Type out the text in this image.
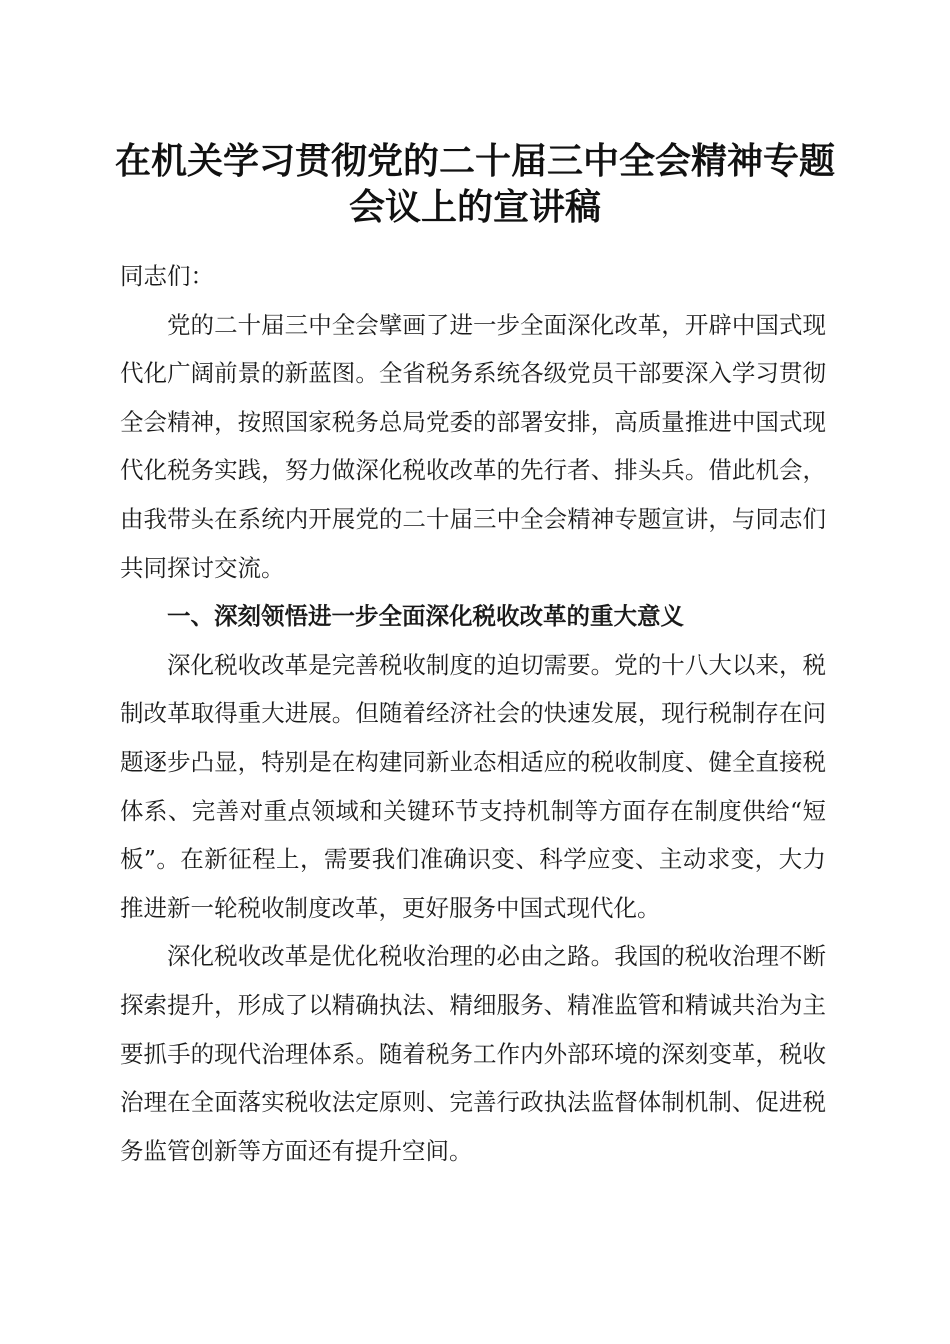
在机关学习贯彻党的二十届三中全会精神专题会议上的宣讲稿

同志们：

党的二十届三中全会擘画了进一步全面深化改革，开辟中国式现代化广阔前景的新蓝图。全省税务系统各级党员干部要深入学习贯彻全会精神，按照国家税务总局党委的部署安排，高质量推进中国式现代化税务实践，努力做深化税收改革的先行者、排头兵。借此机会，由我带头在系统内开展党的二十届三中全会精神专题宣讲，与同志们共同探讨交流。

一、深刻领悟进一步全面深化税收改革的重大意义

深化税收改革是完善税收制度的迫切需要。党的十八大以来，税制改革取得重大进展。但随着经济社会的快速发展，现行税制存在问题逐步凸显，特别是在构建同新业态相适应的税收制度、健全直接税体系、完善对重点领域和关键环节支持机制等方面存在制度供给“短板”。在新征程上，需要我们准确识变、科学应变、主动求变，大力推进新一轮税收制度改革，更好服务中国式现代化。

深化税收改革是优化税收治理的必由之路。我国的税收治理不断探索提升，形成了以精确执法、精细服务、精准监管和精诚共治为主要抓手的现代治理体系。随着税务工作内外部环境的深刻变革，税收治理在全面落实税收法定原则、完善行政执法监督体制机制、促进税务监管创新等方面还有提升空间。
